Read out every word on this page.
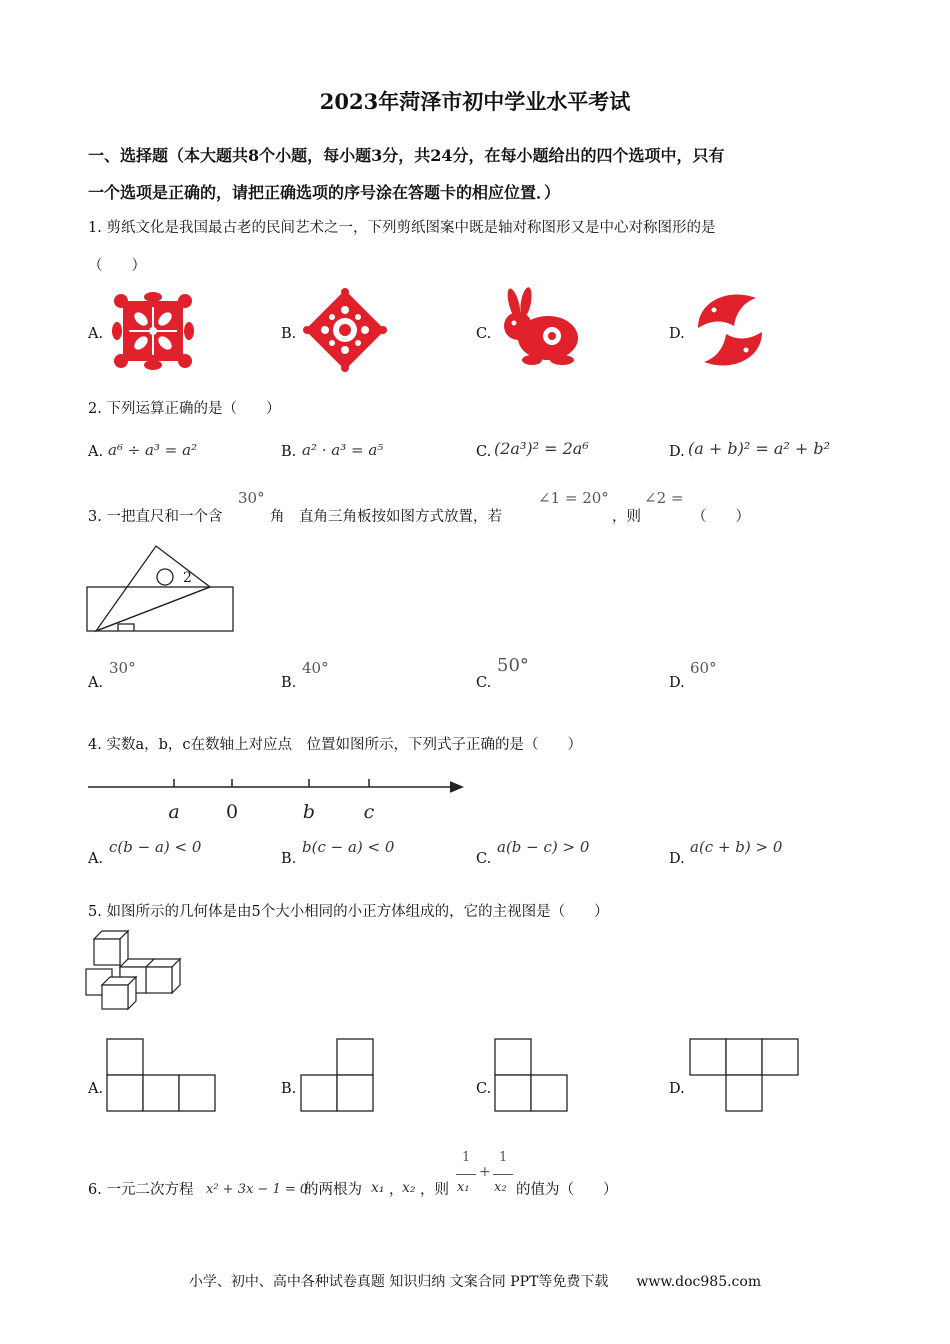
2023年菏泽市初中学业水平考试
一、选择题（本大题共8个小题，每小题3分，共24分，在每小题给出的四个选项中，只有
一个选项是正确的，请把正确选项的序号涂在答题卡的相应位置．）
1. 剪纸文化是我国最古老的民间艺术之一，下列剪纸图案中既是轴对称图形又是中心对称图形的是
（　　）
A.	B.	C.	D.
2. 下列运算正确的是（　　）
A. a⁶ ÷ a³ = a²	B. a² · a³ = a⁵	C. (2a³)² = 2a⁶	D. (a + b)² = a² + b²
3. 一把直尺和一个含
30°
角　直角三角板按如图方式放置，若
∠1 = 20°
，则
∠2 =
（　　）
2
A.
30°
B.
40°
C.
50°
D.
60°
4. 实数a，b，c在数轴上对应点　位置如图所示，下列式子正确的是（　　）
a 0	b	c
A.
c(b − a) < 0
B.
b(c − a) < 0
C.
a(b − c) > 0
D.
a(c + b) > 0
5. 如图所示的几何体是由5个大小相同的小正方体组成的，它的主视图是（　　）
A.	B.	C.	D.
6. 一元二次方程 x² + 3x − 1 = 0
的两根为 x₁ ，
x₂ ，则
1
x₁
+
1
x₂ 的值为（　　）
小学、初中、高中各种试卷真题 知识归纳 文案合同 PPT等免费下载　　www.doc985.com
